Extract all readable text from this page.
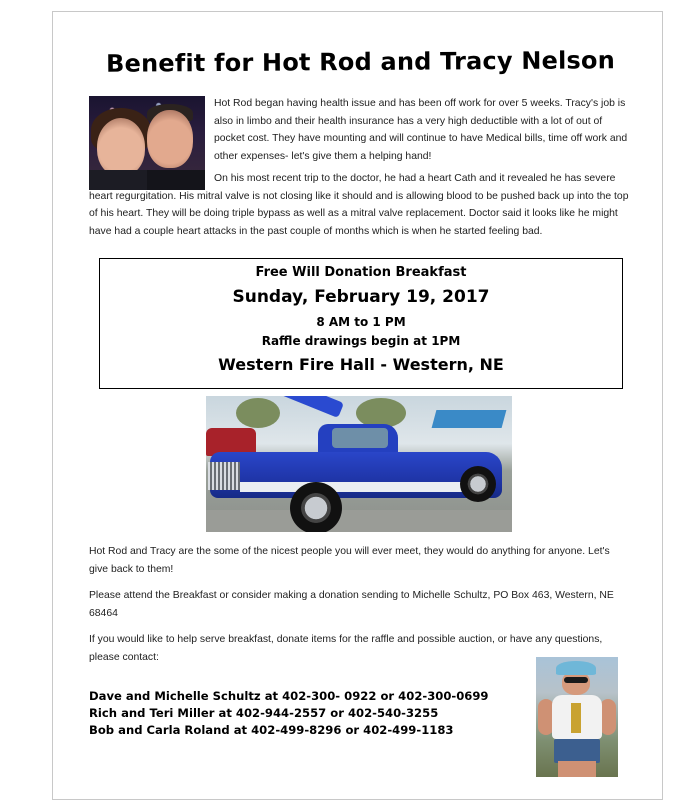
Benefit for Hot Rod and Tracy Nelson

Hot Rod began having health issue and has been off work for over 5 weeks. Tracy's job is also in limbo and their health insurance has a very high deductible with a lot of out of pocket cost. They have mounting and will continue to have Medical bills, time off work and other expenses- let's give them a helping hand!

On his most recent trip to the doctor, he had a heart Cath and it revealed he has severe heart regurgitation. His mitral valve is not closing like it should and is allowing blood to be pushed back up into the top of his heart. They will be doing triple bypass as well as a mitral valve replacement. Doctor said it looks like he might have had a couple heart attacks in the past couple of months which is when he started feeling bad.

Free Will Donation Breakfast
Sunday, February 19, 2017
8 AM to 1 PM
Raffle drawings begin at 1PM
Western Fire Hall - Western, NE

Hot Rod and Tracy are the some of the nicest people you will ever meet, they would do anything for anyone. Let's give back to them!

Please attend the Breakfast or consider making a donation sending to Michelle Schultz, PO Box 463, Western, NE 68464

If you would like to help serve breakfast, donate items for the raffle and possible auction, or have any questions, please contact:

Dave and Michelle Schultz at 402-300- 0922 or 402-300-0699
Rich and Teri Miller at 402-944-2557 or 402-540-3255
Bob and Carla Roland at 402-499-8296 or 402-499-1183
